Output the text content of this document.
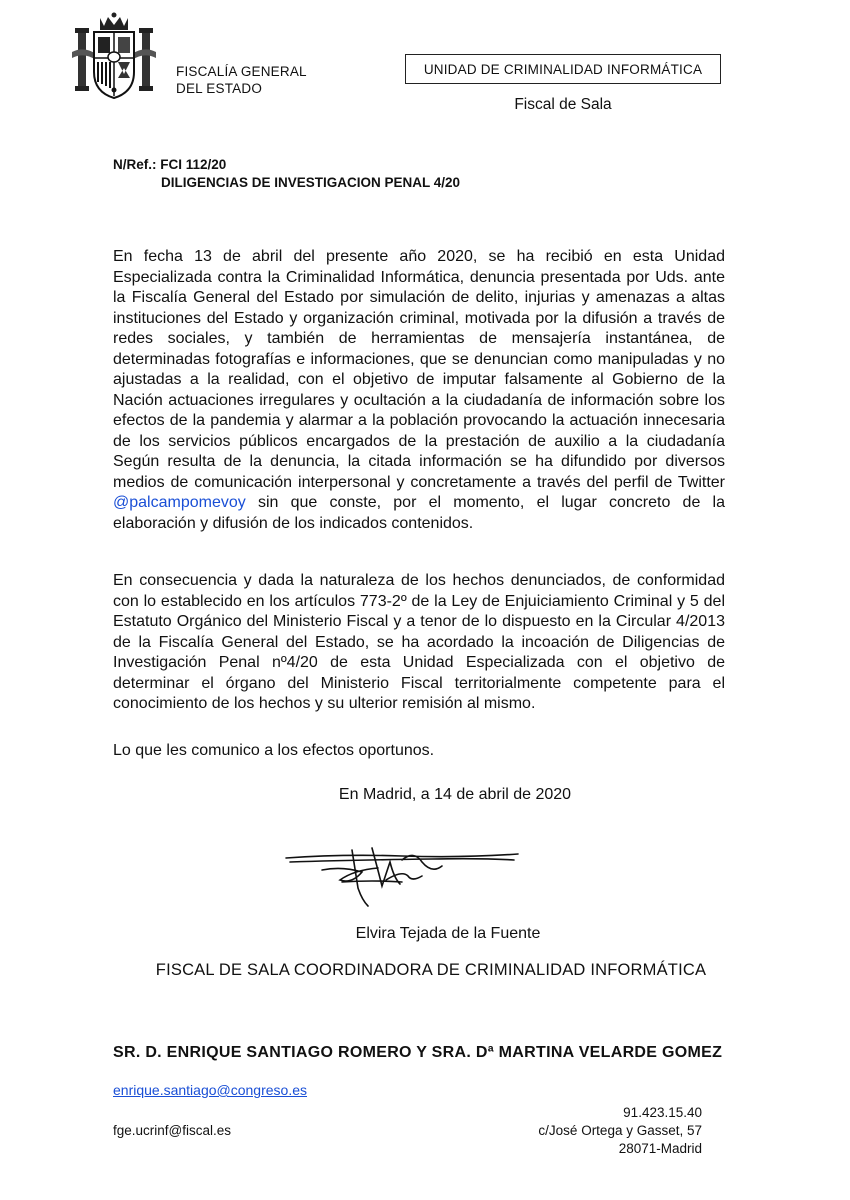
FISCALÍA GENERAL
DEL ESTADO
UNIDAD DE CRIMINALIDAD INFORMÁTICA
Fiscal de Sala
N/Ref.: FCI 112/20
DILIGENCIAS DE INVESTIGACION PENAL 4/20
En fecha 13 de abril del presente año 2020, se ha recibió en esta Unidad Especializada contra la Criminalidad Informática, denuncia presentada por Uds. ante la Fiscalía General del Estado por simulación de delito, injurias y amenazas a altas instituciones del Estado y organización criminal, motivada por la difusión a través de redes sociales, y también de herramientas de mensajería instantánea, de determinadas fotografías e informaciones, que se denuncian como manipuladas y no ajustadas a la realidad, con el objetivo de imputar falsamente al Gobierno de la Nación actuaciones irregulares y ocultación a la ciudadanía de información sobre los efectos de la pandemia y alarmar a la población provocando la actuación innecesaria de los servicios públicos encargados de la prestación de auxilio a la ciudadanía Según resulta de la denuncia, la citada información se ha difundido por diversos medios de comunicación interpersonal y concretamente a través del perfil de Twitter @palcampomevoy sin que conste, por el momento, el lugar concreto de la elaboración y difusión de los indicados contenidos.
En consecuencia y dada la naturaleza de los hechos denunciados, de conformidad con lo establecido en los artículos 773-2º de la Ley de Enjuiciamiento Criminal y 5 del Estatuto Orgánico del Ministerio Fiscal y a tenor de lo dispuesto en la Circular 4/2013 de la Fiscalía General del Estado, se ha acordado la incoación de Diligencias de Investigación Penal nº4/20 de esta Unidad Especializada con el objetivo de determinar el órgano del Ministerio Fiscal territorialmente competente para el conocimiento de los hechos y su ulterior remisión al mismo.
Lo que les comunico a los efectos oportunos.
En Madrid, a 14 de abril de 2020
Elvira Tejada de la Fuente
FISCAL DE SALA COORDINADORA DE CRIMINALIDAD INFORMÁTICA
SR. D. ENRIQUE SANTIAGO ROMERO Y SRA. Dª MARTINA VELARDE GOMEZ
enrique.santiago@congreso.es
fge.ucrinf@fiscal.es
91.423.15.40
c/José Ortega y Gasset, 57
28071-Madrid
